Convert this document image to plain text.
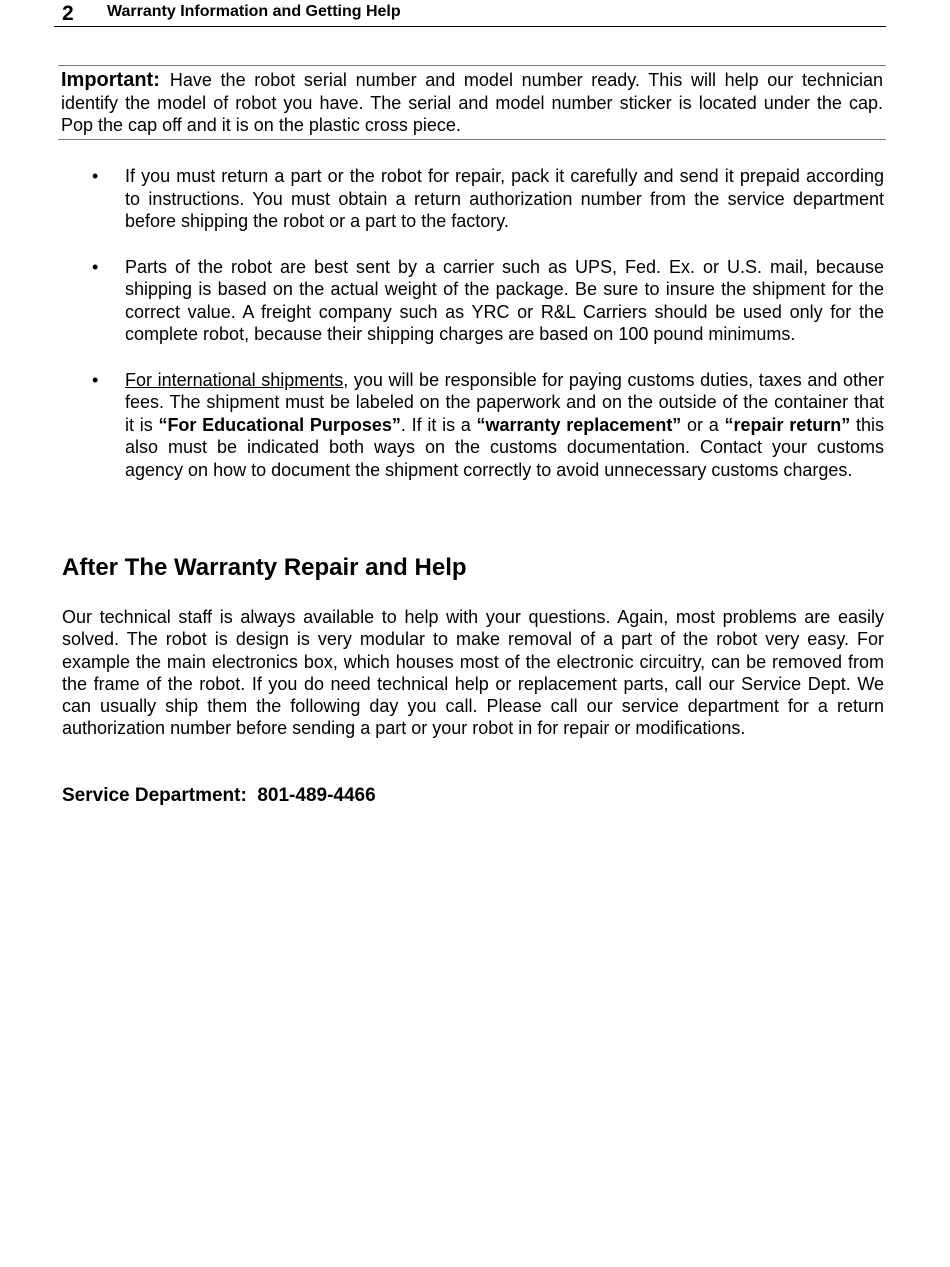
2 Warranty Information and Getting Help
Important: Have the robot serial number and model number ready. This will help our technician identify the model of robot you have. The serial and model number sticker is located under the cap. Pop the cap off and it is on the plastic cross piece.
• If you must return a part or the robot for repair, pack it carefully and send it prepaid according to instructions. You must obtain a return authorization number from the service department before shipping the robot or a part to the factory.
• Parts of the robot are best sent by a carrier such as UPS, Fed. Ex. or U.S. mail, because shipping is based on the actual weight of the package. Be sure to insure the shipment for the correct value. A freight company such as YRC or R&L Carriers should be used only for the complete robot, because their shipping charges are based on 100 pound minimums.
• For international shipments, you will be responsible for paying customs duties, taxes and other fees. The shipment must be labeled on the paperwork and on the outside of the container that it is “For Educational Purposes”. If it is a “warranty replacement” or a “repair return” this also must be indicated both ways on the customs documentation. Contact your customs agency on how to document the shipment correctly to avoid unnecessary customs charges.
After The Warranty Repair and Help
Our technical staff is always available to help with your questions. Again, most problems are easily solved. The robot is design is very modular to make removal of a part of the robot very easy. For example the main electronics box, which houses most of the electronic circuitry, can be removed from the frame of the robot. If you do need technical help or replacement parts, call our Service Dept. We can usually ship them the following day you call. Please call our service department for a return authorization number before sending a part or your robot in for repair or modifications.
Service Department: 801-489-4466
